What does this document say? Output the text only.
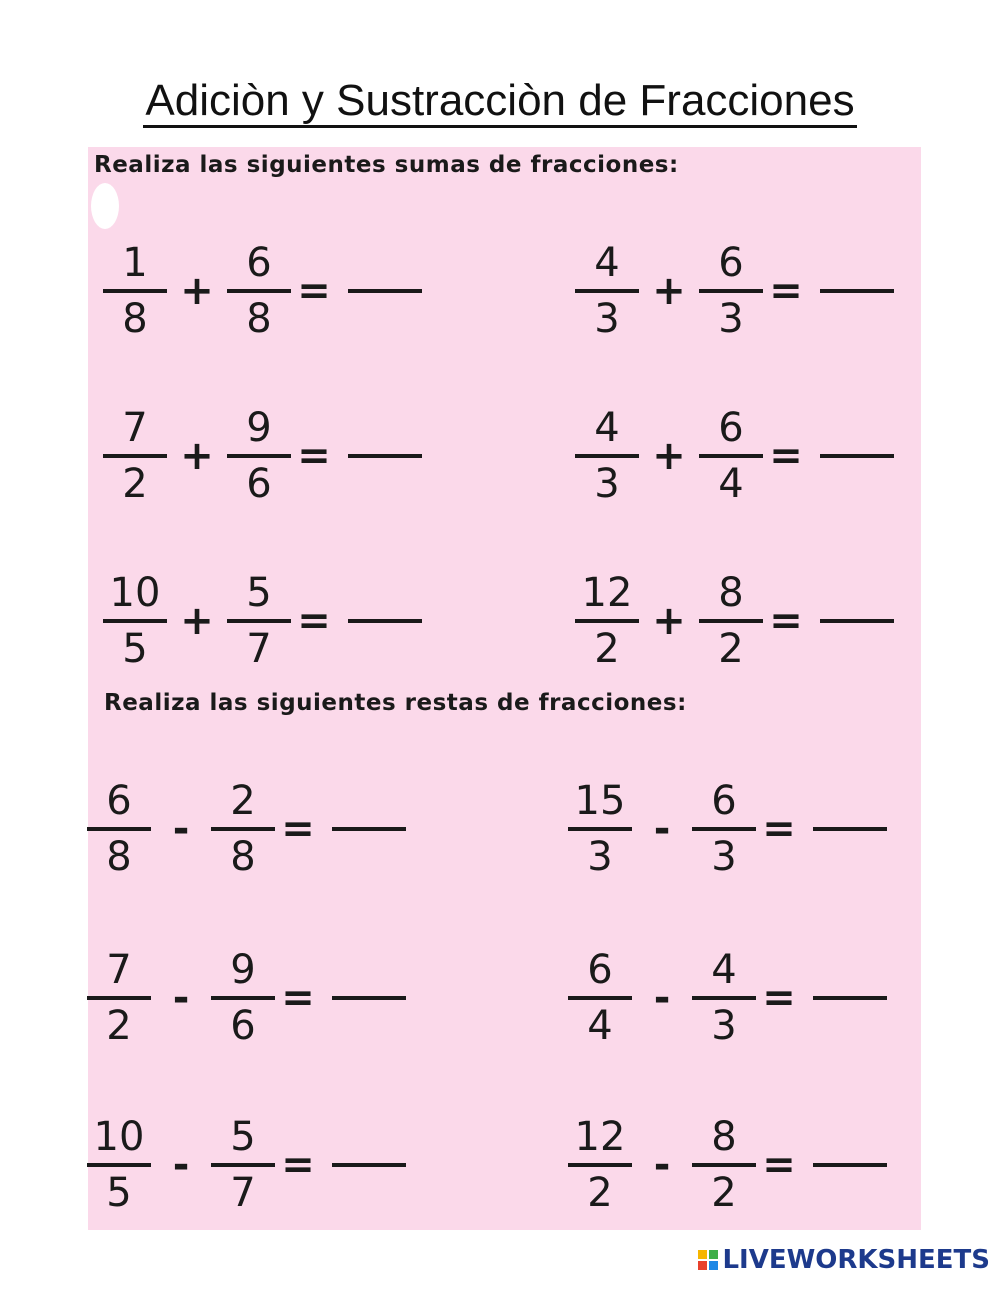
Adiciòn y Sustracciòn de Fracciones
Realiza las siguientes sumas de fracciones:
Realiza las siguientes restas de fracciones:
$\frac{1}{8} + \frac{6}{8}$ =	$\frac{4}{3} + \frac{6}{3}$ =
$\frac{7}{2} + \frac{9}{6}$ =	$\frac{4}{3} + \frac{6}{4}$ =
$\frac{10}{5} + \frac{5}{7}$ =	$\frac{12}{2} + \frac{8}{2}$ =
$\frac{6}{8} - \frac{2}{8}$ =	$\frac{15}{3} - \frac{6}{3}$ =
$\frac{7}{2} - \frac{9}{6}$ =	$\frac{6}{4} - \frac{4}{3}$ =
$\frac{10}{5} - \frac{5}{7}$ =	$\frac{12}{2} - \frac{8}{2}$ =
LIVEWORKSHEETS
